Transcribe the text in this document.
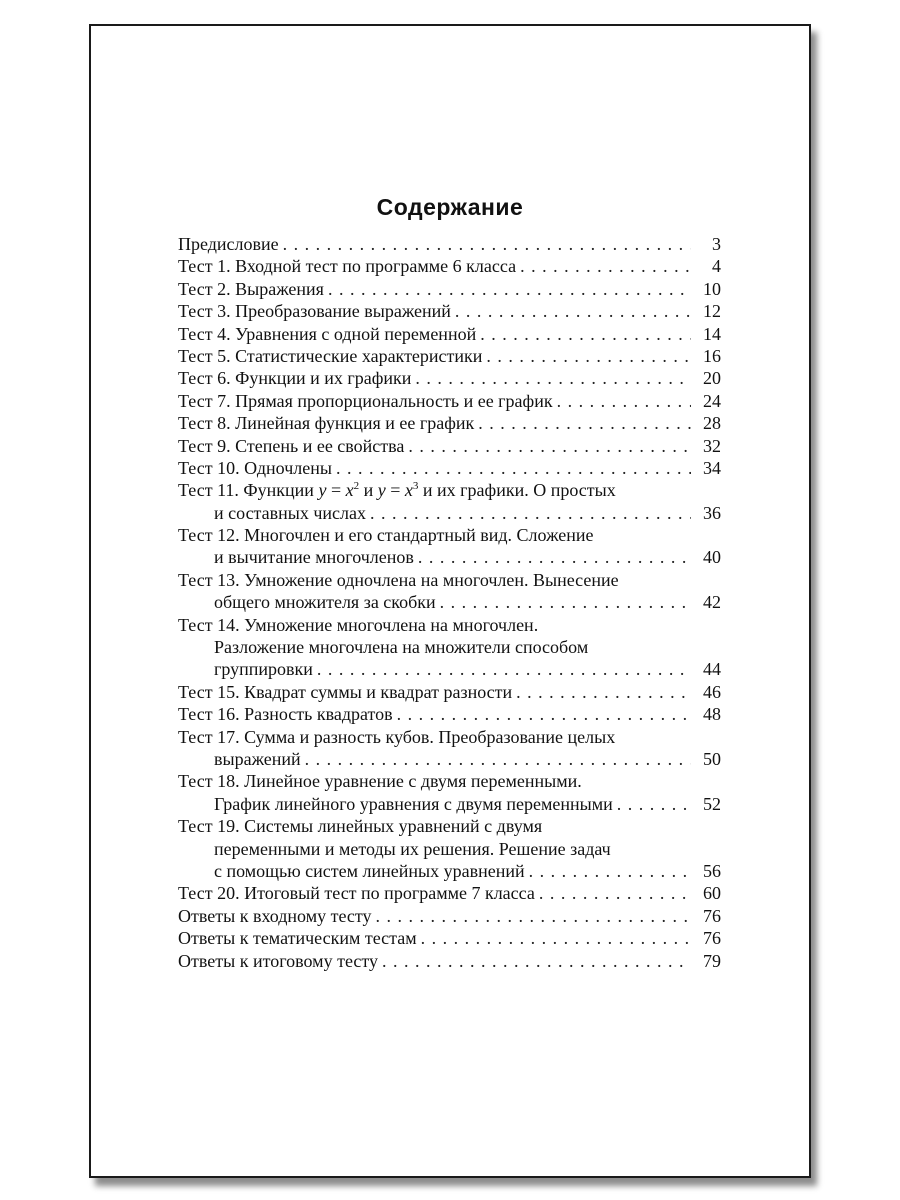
Содержание
Предисловие . . .	3
Тест 1. Входной тест по программе 6 класса . . .	4
Тест 2. Выражения . . .	10
Тест 3. Преобразование выражений . . .	12
Тест 4. Уравнения с одной переменной . . .	14
Тест 5. Статистические характеристики . . .	16
Тест 6. Функции и их графики . . .	20
Тест 7. Прямая пропорциональность и ее график . . .	24
Тест 8. Линейная функция и ее график . . .	28
Тест 9. Степень и ее свойства . . .	32
Тест 10. Одночлены . . .	34
Тест 11. Функции $y = x^2$ и $y = x^3$ и их графики. О простых
и составных числах . . .	36
Тест 12. Многочлен и его стандартный вид. Сложение
и вычитание многочленов . . .	40
Тест 13. Умножение одночлена на многочлен. Вынесение
общего множителя за скобки . . .	42
Тест 14. Умножение многочлена на многочлен.
Разложение многочлена на множители способом
группировки . . .	44
Тест 15. Квадрат суммы и квадрат разности . . .	46
Тест 16. Разность квадратов . . .	48
Тест 17. Сумма и разность кубов. Преобразование целых
выражений . . .	50
Тест 18. Линейное уравнение с двумя переменными.
График линейного уравнения с двумя переменными . . .	52
Тест 19. Системы линейных уравнений с двумя
переменными и методы их решения. Решение задач
с помощью систем линейных уравнений . . .	56
Тест 20. Итоговый тест по программе 7 класса . . .	60
Ответы к входному тесту . . .	76
Ответы к тематическим тестам . . .	76
Ответы к итоговому тесту . . .	79
